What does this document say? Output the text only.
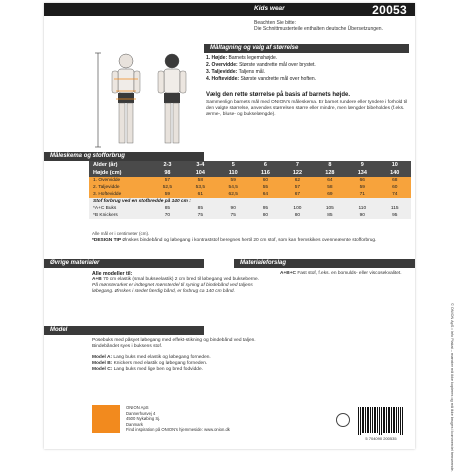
Kids wear	20053
Beachten Sie bitte:
Die Schnittmusterteile enthalten deutsche Übersetzungen.
Måltagning og valg af størrelse
1. Højde: Barnets legemshøjde.
2. Overvidde: Største vandrette mål over brystet.
3. Taljevidde: Taljens mål.
4. Hoftevidde: Største vandrette mål over hoften.
Vælg den rette størrelse på basis af barnets højde.
Sammenlign barnets mål med ONION's måleskema. Er barnet rundere eller tyndere i forhold til den valgte størrelse, anvendes størrelsen større eller mindre, men længder bibeholdes (f.eks. ærme-, bluse- og bukselængde).
Måleskema og stofforbrug
Alder (år)	2-3	3-4	5	6	7	8	9	10
Højde (cm)	98	104	110	116	122	128	134	140
1. Overvidde	57	58	59	60	62	64	66	68
2. Taljevidde	52,5	53,5	54,5	55	57	58	59	60
3. Hoftevidde	59	61	62,5	64	67	69	71	74
Stof forbrug ved en stofbredde på 140 cm :								
*A+C Buks	85	85	90	95	100	105	110	115
*B Knickers	70	75	75	80	80	85	90	95
Alle mål er i centimeter (cm).
*DESIGN TIP Ønskes bindebånd og løbegang i kontraststof beregnes hertil 20 cm stof, som kan fremskikes ovenneævnte stofforbrug.
Øvrige materialer
Alle modeller til:
A+B 70 cm elastik (smal bukseelastik) 2 cm bred til løbegang ved bukseberne.
På mønsterarket er indtegnet mønsterdel til syning af bindebånd ved taljens løbegang. Ønskes i stedet færdig bånd, er forbrug ca 140 cm bånd.
Materialeforslag
A+B+C Fast stof, f.eks. en bomulds- eller viscosekvalitet.
Model
Posebuks med påsyet løbegang med effekt-stikning og bindebånd ved taljen. Bindebåndet syes i buksens stof.
Model A: Lang buks med elastik og løbegang forneden.
Model B: Knickers med elastik og løbegang forneden.
Model C: Lang buks med lige ben og bred fodvidde.
ONION ApS
Dannerhusvej 4
4500 Nykøbing Sj.
Danmark
Find inspiration på ONION's hjemmeside: www.onion.dk
5 704090 200535	© ONION ApS • Info Plakat – mønster må ikke kopieres og må ikke bruges i kommerciel henseende.
